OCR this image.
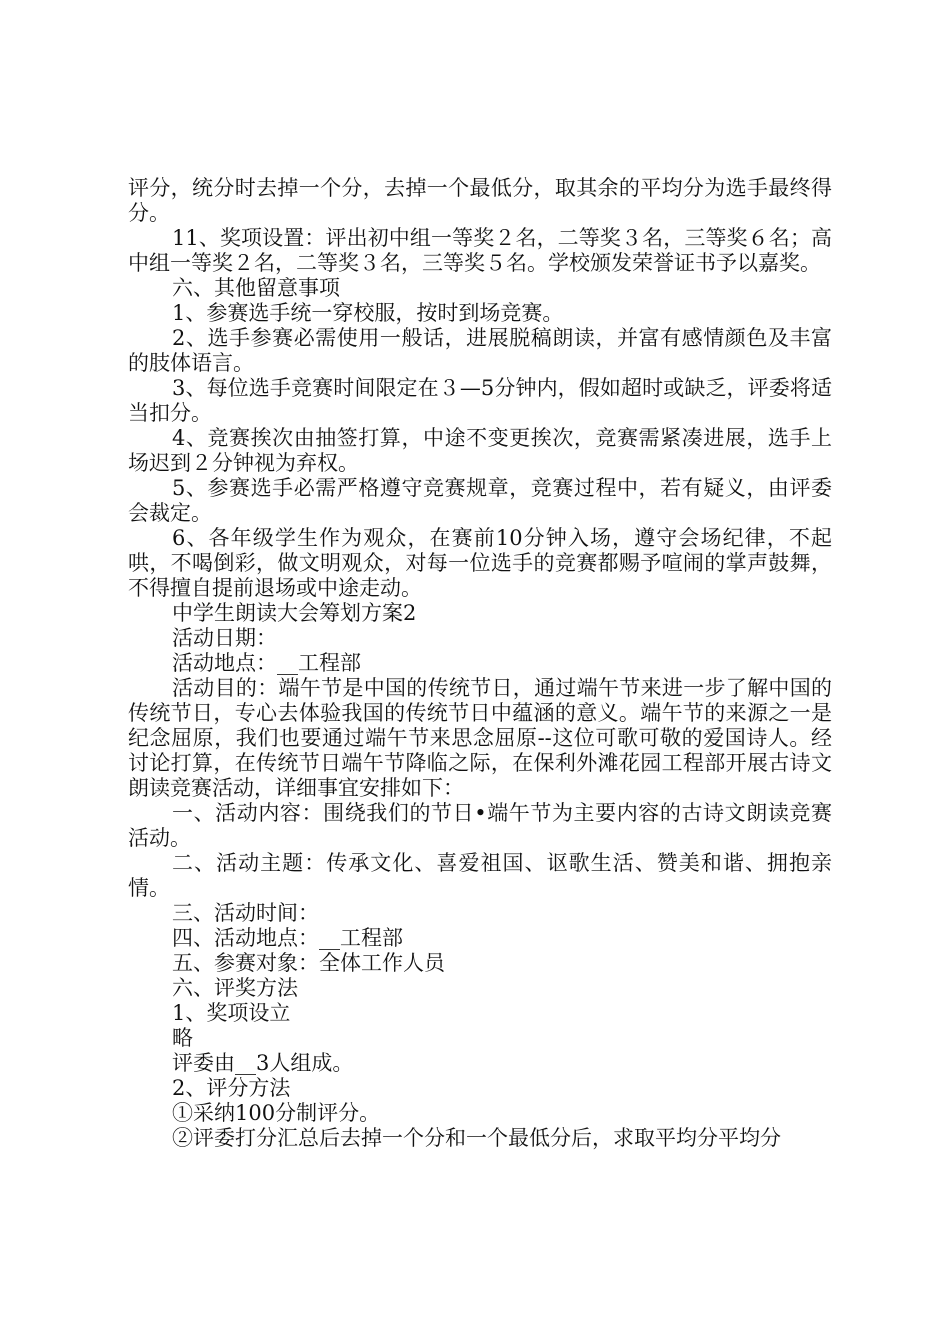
评分，统分时去掉一个分，去掉一个最低分，取其余的平均分为选手最终得分。

11、奖项设置：评出初中组一等奖２名，二等奖３名，三等奖６名；高中组一等奖２名，二等奖３名，三等奖５名。学校颁发荣誉证书予以嘉奖。

六、其他留意事项

1、参赛选手统一穿校服，按时到场竞赛。

2、选手参赛必需使用一般话，进展脱稿朗读，并富有感情颜色及丰富的肢体语言。

3、每位选手竞赛时间限定在３—5分钟内，假如超时或缺乏，评委将适当扣分。

4、竞赛挨次由抽签打算，中途不变更挨次，竞赛需紧凑进展，选手上场迟到２分钟视为弃权。

5、参赛选手必需严格遵守竞赛规章，竞赛过程中，若有疑义，由评委会裁定。

6、各年级学生作为观众，在赛前10分钟入场，遵守会场纪律，不起哄，不喝倒彩，做文明观众，对每一位选手的竞赛都赐予喧闹的掌声鼓舞，不得擅自提前退场或中途走动。

中学生朗读大会筹划方案2

活动日期：

活动地点：__工程部

活动目的：端午节是中国的传统节日，通过端午节来进一步了解中国的传统节日，专心去体验我国的传统节日中蕴涵的意义。端午节的来源之一是纪念屈原，我们也要通过端午节来思念屈原--这位可歌可敬的爱国诗人。经讨论打算，在传统节日端午节降临之际，在保利外滩花园工程部开展古诗文朗读竞赛活动，详细事宜安排如下：

一、活动内容：围绕我们的节日•端午节为主要内容的古诗文朗读竞赛活动。

二、活动主题：传承文化、喜爱祖国、讴歌生活、赞美和谐、拥抱亲情。

三、活动时间：

四、活动地点：__工程部

五、参赛对象：全体工作人员

六、评奖方法

1、奖项设立

略

评委由__3人组成。

2、评分方法

①采纳100分制评分。

②评委打分汇总后去掉一个分和一个最低分后，求取平均分平均分
